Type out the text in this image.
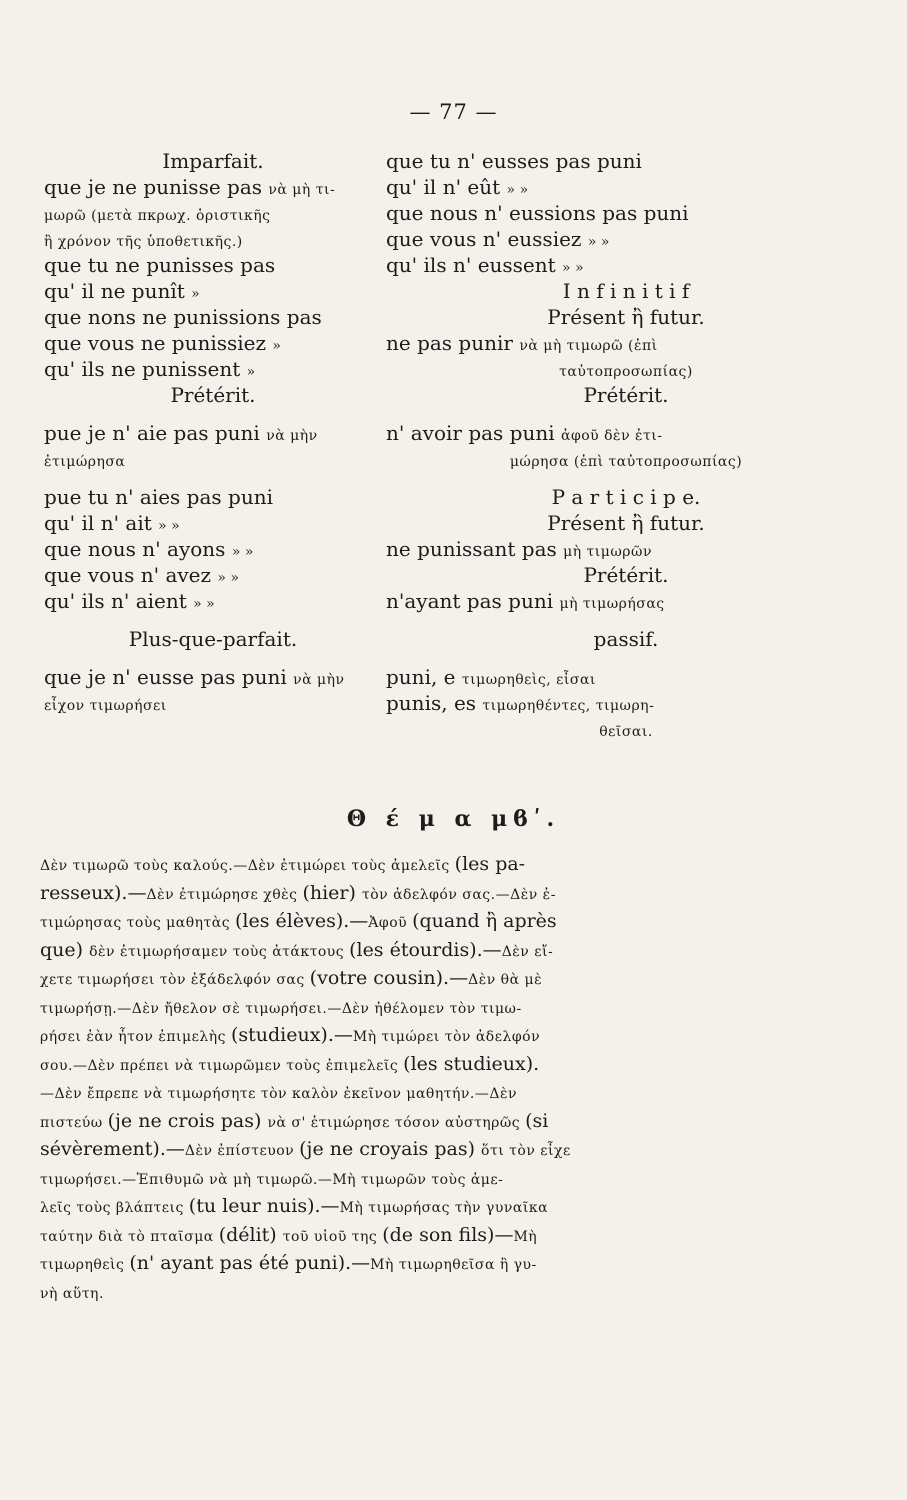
— 77 —
Imparfait.
que je ne punisse pas νὰ μὴ τι-
μωρῶ (μετὰ πκρωχ. ὁριστικῆς
ἢ χρόνον τῆς ὑποθετικῆς.)
que tu ne punisses pas
qu' il ne punît »
que nons ne punissions pas
que vous ne punissiez »
qu' ils ne punissent »
Prétérit.
pue je n' aie pas puni νὰ μὴν
ἐτιμώρησα
pue tu n' aies pas puni
qu' il n' ait » »
que nous n' ayons » »
que vous n' avez » »
qu' ils n' aient » »
Plus-que-parfait.
que je n' eusse pas puni νὰ μὴν
εἶχον τιμωρήσει
que tu n' eusses pas puni
qu' il n' eût » »
que nous n' eussions pas puni
que vous n' eussiez » »
qu' ils n' eussent » »
I n f i n i t i f
Présent ἢ futur.
ne pas punir νὰ μὴ τιμωρῶ (ἐπὶ
ταὐτοπροσωπίας)
Prétérit.
n' avoir pas puni ἀφοῦ δὲν ἐτι-
μώρησα (ἐπὶ ταὐτοπροσωπίας)
P a r t i c i p e.
Présent ἢ futur.
ne punissant pas μὴ τιμωρῶν
Prétérit.
n'ayant pas puni μὴ τιμωρήσας
passif.
puni, e τιμωρηθεὶς, εἶσαι
punis, es τιμωρηθέντες, τιμωρη-
θεῖσαι.
Θ έ μ α μϐʹ.
Δὲν τιμωρῶ τοὺς καλούς.—Δὲν ἐτιμώρει τοὺς ἀμελεῖς (les pa-
resseux).—Δὲν ἐτιμώρησε χθὲς (hier) τὸν ἀδελφόν σας.—Δὲν ἐ-
τιμώρησας τοὺς μαθητὰς (les élèves).—Ἀφοῦ (quand ἢ après
que) δὲν ἐτιμωρήσαμεν τοὺς ἀτάκτους (les étourdis).—Δὲν εἴ-
χετε τιμωρήσει τὸν ἐξάδελφόν σας (votre cousin).—Δὲν θὰ μὲ
τιμωρήσῃ.—Δὲν ἤθελον σὲ τιμωρήσει.—Δὲν ἠθέλομεν τὸν τιμω-
ρήσει ἐὰν ἦτον ἐπιμελὴς (studieux).—Μὴ τιμώρει τὸν ἀδελφόν
σου.—Δὲν πρέπει νὰ τιμωρῶμεν τοὺς ἐπιμελεῖς (les studieux).
—Δὲν ἔπρεπε νὰ τιμωρήσητε τὸν καλὸν ἐκεῖνον μαθητήν.—Δὲν
πιστεύω (je ne crois pas) νὰ σ' ἐτιμώρησε τόσον αὐστηρῶς (si
sévèrement).—Δὲν ἐπίστευον (je ne croyais pas) ὅτι τὸν εἶχε
τιμωρήσει.—Ἐπιθυμῶ νὰ μὴ τιμωρῶ.—Μὴ τιμωρῶν τοὺς ἀμε-
λεῖς τοὺς βλάπτεις (tu leur nuis).—Μὴ τιμωρήσας τὴν γυναῖκα
ταύτην διὰ τὸ πταῖσμα (délit) τοῦ υἱοῦ της (de son fils)—Μὴ
τιμωρηθεὶς (n' ayant pas été puni).—Μὴ τιμωρηθεῖσα ἢ γυ-
νὴ αὕτη.
